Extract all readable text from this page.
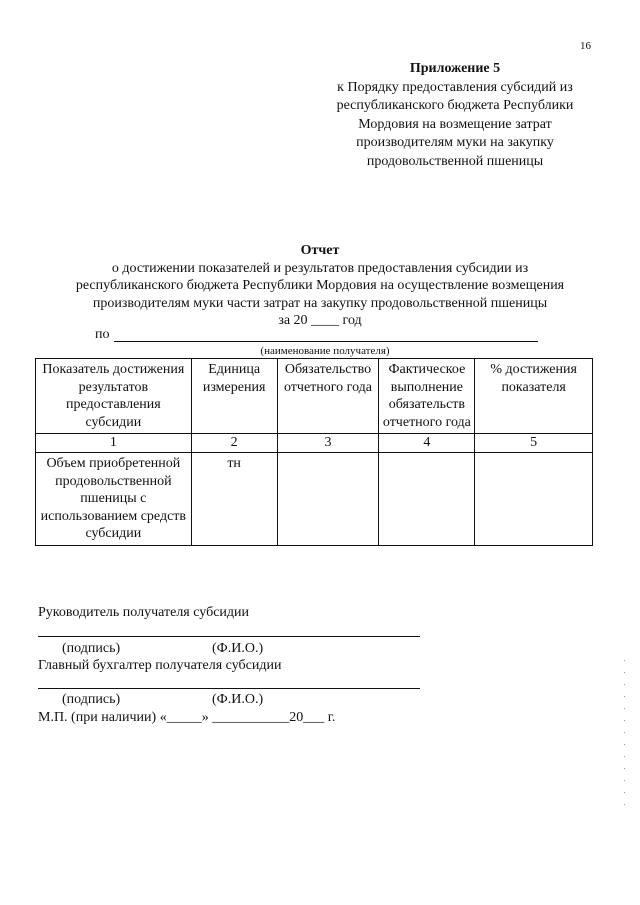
16
Приложение 5
к Порядку предоставления субсидий из
республиканского бюджета Республики
Мордовия на возмещение затрат
производителям муки на закупку
продовольственной пшеницы
Отчет
о достижении показателей и результатов предоставления субсидии из
республиканского бюджета Республики Мордовия на осуществление возмещения
производителям муки части затрат на закупку продовольственной пшеницы
за 20 ____ год
по
(наименование получателя)
Показатель достижения результатов предоставления субсидии	Единица измерения	Обязательство отчетного года	Фактическое выполнение обязательств отчетного года	% достижения показателя
1	2	3	4	5
Объем приобретенной продовольственной пшеницы с использованием средств субсидии	тн			
Руководитель получателя субсидии
(подпись)	(Ф.И.О.)
Главный бухгалтер получателя субсидии
(подпись)	(Ф.И.О.)
М.П. (при наличии) «_____» ___________20___ г.
